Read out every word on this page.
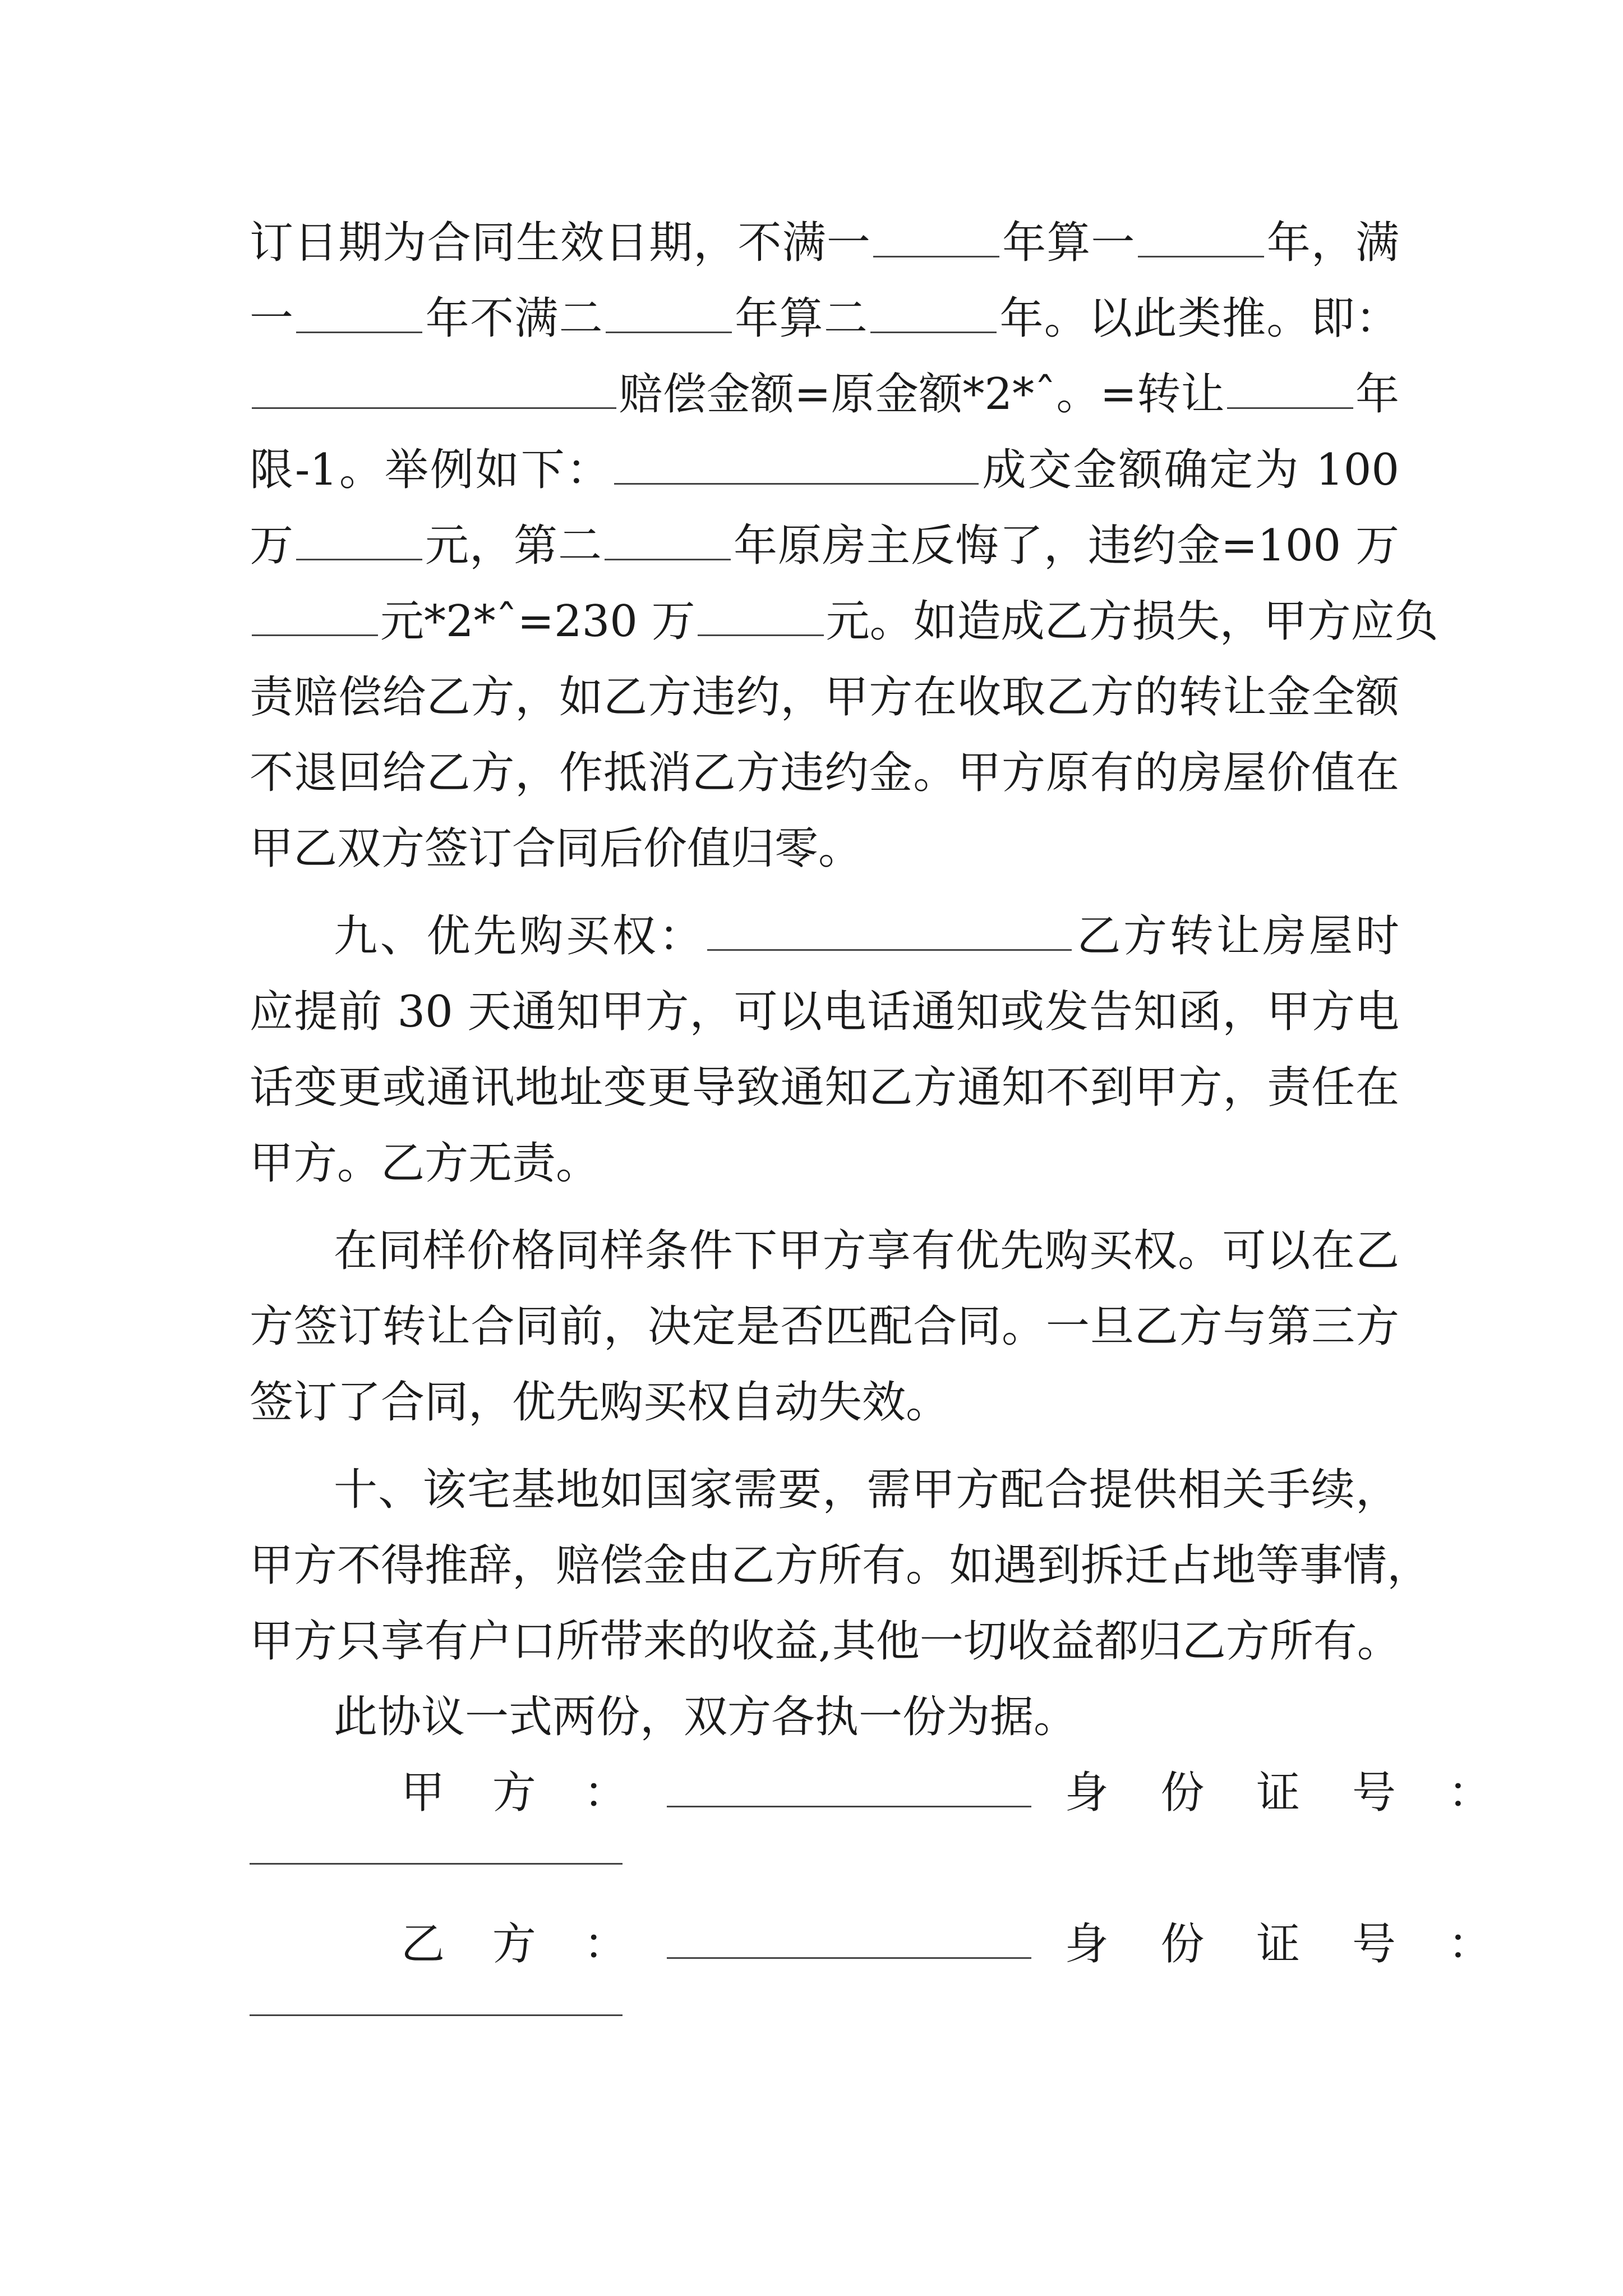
订日期为合同生效日期，不满一	年算一	年，满
一	年不满二	年算二	年。以此类推。即：
赔偿金额=原金额*2*ˆ。=转让	年
限-1。举例如下：	成交金额确定为 100
万	元，第二	年原房主反悔了，违约金=100 万
元*2*ˆ=230 万	元。如造成乙方损失，甲方应负
责赔偿给乙方，如乙方违约，甲方在收取乙方的转让金全额
不退回给乙方，作抵消乙方违约金。甲方原有的房屋价值在
甲乙双方签订合同后价值归零。
九、优先购买权：	乙方转让房屋时
应提前 30 天通知甲方，可以电话通知或发告知函，甲方电
话变更或通讯地址变更导致通知乙方通知不到甲方，责任在
甲方。乙方无责。
在同样价格同样条件下甲方享有优先购买权。可以在乙
方签订转让合同前，决定是否匹配合同。一旦乙方与第三方
签订了合同，优先购买权自动失效。
十、该宅基地如国家需要，需甲方配合提供相关手续，
甲方不得推辞，赔偿金由乙方所有。如遇到拆迁占地等事情，
甲方只享有户口所带来的收益,其他一切收益都归乙方所有。
此协议一式两份，双方各执一份为据。
甲 方 ：	身 份 证 号 ：
乙 方 ：	身 份 证 号 ：
